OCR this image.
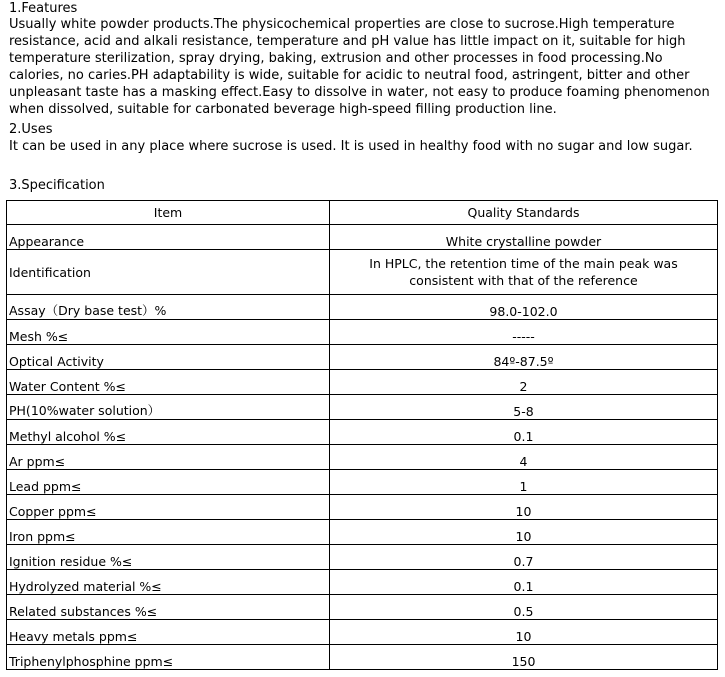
1.Features

Usually white powder products.The physicochemical properties are close to sucrose.High temperature resistance, acid and alkali resistance, temperature and pH value has little impact on it, suitable for high temperature sterilization, spray drying, baking, extrusion and other processes in food processing.No calories, no caries.PH adaptability is wide, suitable for acidic to neutral food, astringent, bitter and other unpleasant taste has a masking effect.Easy to dissolve in water, not easy to produce foaming phenomenon when dissolved, suitable for carbonated beverage high-speed filling production line.

2.Uses

It can be used in any place where sucrose is used. It is used in healthy food with no sugar and low sugar.

3.Specification

Item	Quality Standards
Appearance	White crystalline powder
Identification	In HPLC, the retention time of the main peak was consistent with that of the reference
Assay（Dry base test）%	98.0-102.0
Mesh %≤	-----
Optical Activity	84º-87.5º
Water Content %≤	2
PH(10%water solution）	5-8
Methyl alcohol %≤	0.1
Ar ppm≤	4
Lead ppm≤	1
Copper ppm≤	10
Iron ppm≤	10
Ignition residue %≤	0.7
Hydrolyzed material %≤	0.1
Related substances %≤	0.5
Heavy metals ppm≤	10
Triphenylphosphine ppm≤	150
